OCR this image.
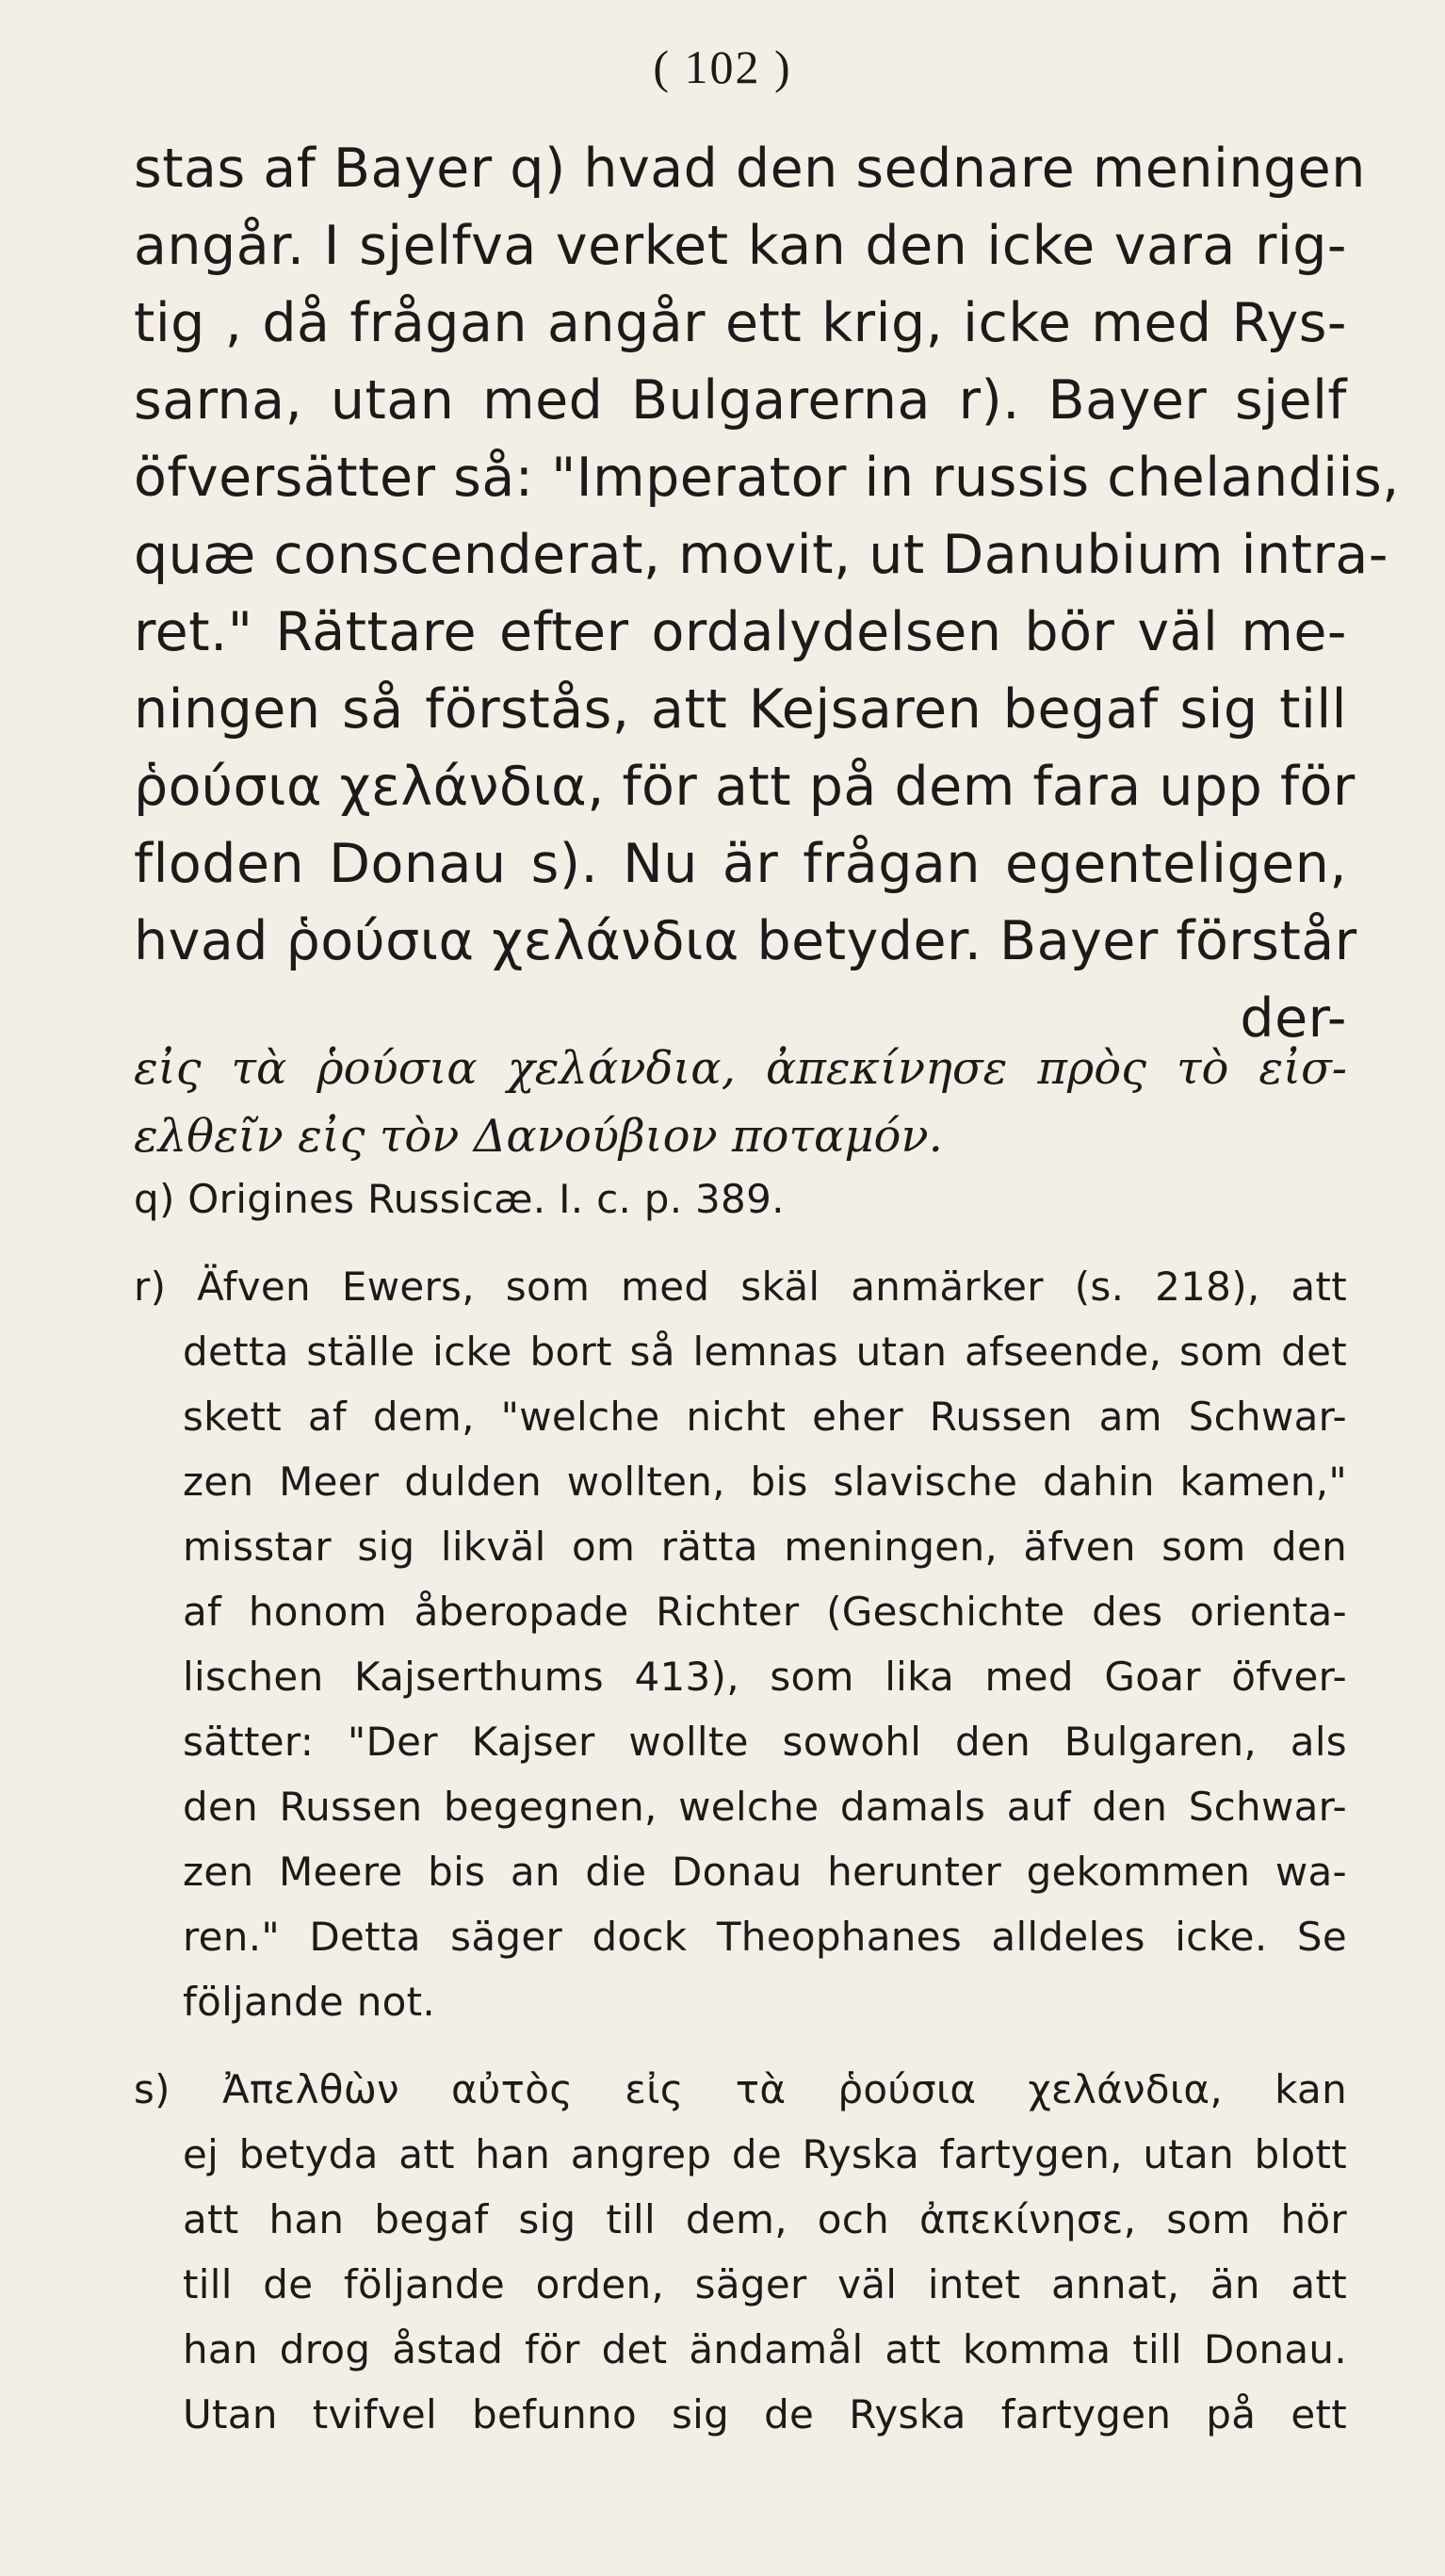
( 102 )
stas af Bayer q) hvad den sednare meningen
angår. I sjelfva verket kan den icke vara rig-
tig , då frågan angår ett krig, icke med Rys-
sarna, utan med Bulgarerna r). Bayer sjelf
öfversätter så: "Imperator in russis chelandiis,
quæ conscenderat, movit, ut Danubium intra-
ret." Rättare efter ordalydelsen bör väl me-
ningen så förstås, att Kejsaren begaf sig till
ῥούσια χελάνδια, för att på dem fara upp för
floden Donau s). Nu är frågan egenteligen,
hvad ῥούσια χελάνδια betyder. Bayer förstår
der-
εἰς τὰ ῥούσια χελάνδια, ἀπεκίνησε πρὸς τὸ εἰσ-
ελθεῖν εἰς τὸν Δανούβιον ποταμόν.
q) Origines Russicæ. I. c. p. 389.
r) Äfven Ewers, som med skäl anmärker (s. 218), att
detta ställe icke bort så lemnas utan afseende, som det
skett af dem, "welche nicht eher Russen am Schwar-
zen Meer dulden wollten, bis slavische dahin kamen,"
misstar sig likväl om rätta meningen, äfven som den
af honom åberopade Richter (Geschichte des orienta-
lischen Kajserthums 413), som lika med Goar öfver-
sätter: "Der Kajser wollte sowohl den Bulgaren, als
den Russen begegnen, welche damals auf den Schwar-
zen Meere bis an die Donau herunter gekommen wa-
ren." Detta säger dock Theophanes alldeles icke. Se
följande not.
s) Ἀπελθὼν αὐτὸς εἰς τὰ ῥούσια χελάνδια, kan
ej betyda att han angrep de Ryska fartygen, utan blott
att han begaf sig till dem, och ἀπεκίνησε, som hör
till de följande orden, säger väl intet annat, än att
han drog åstad för det ändamål att komma till Donau.
Utan tvifvel befunno sig de Ryska fartygen på ett
